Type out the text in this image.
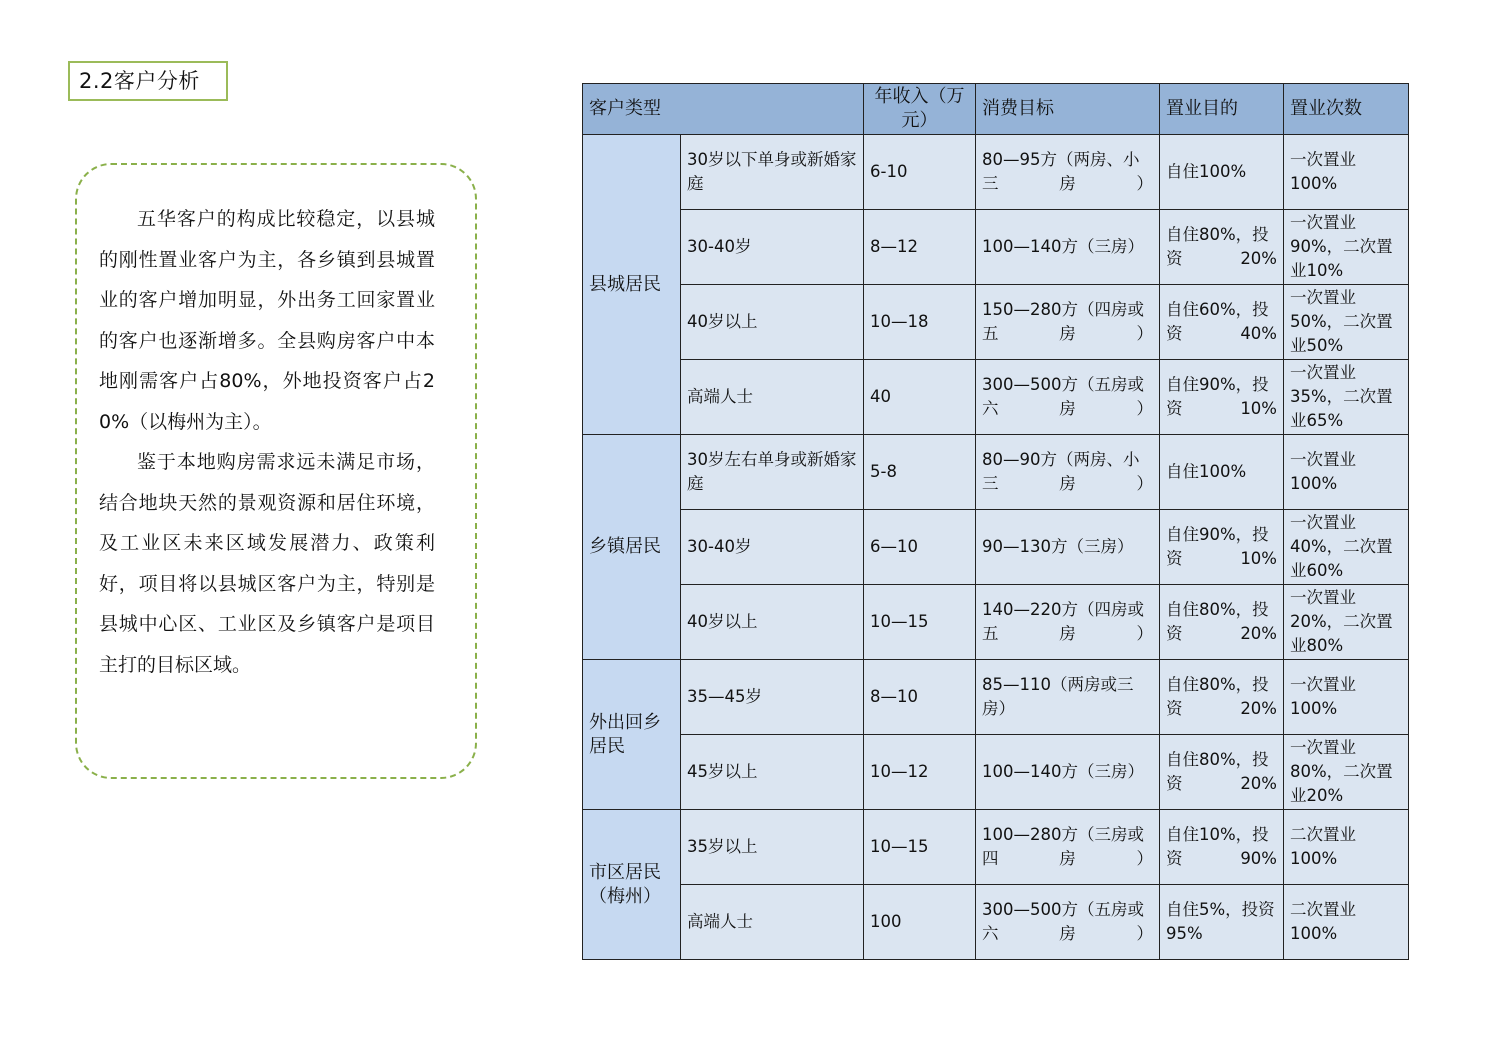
2.2客户分析

五华客户的构成比较稳定，以县城的刚性置业客户为主，各乡镇到县城置业的客户增加明显，外出务工回家置业的客户也逐渐增多。全县购房客户中本地刚需客户占80%，外地投资客户占20%（以梅州为主）。

鉴于本地购房需求远未满足市场，结合地块天然的景观资源和居住环境，及工业区未来区域发展潜力、政策利好，项目将以县城区客户为主，特别是县城中心区、工业区及乡镇客户是项目主打的目标区域。

客户类型		年收入（万元）	消费目标	置业目的	置业次数
县城居民	30岁以下单身或新婚家庭	6-10	80—95方（两房、小三房）	自住100%	一次置业100%
	30-40岁	8—12	100—140方（三房）	自住80%，投资20%	一次置业90%，二次置业10%
	40岁以上	10—18	150—280方（四房或五房）	自住60%，投资40%	一次置业50%，二次置业50%
	高端人士	40	300—500方（五房或六房）	自住90%，投资10%	一次置业35%，二次置业65%
乡镇居民	30岁左右单身或新婚家庭	5-8	80—90方（两房、小三房）	自住100%	一次置业100%
	30-40岁	6—10	90—130方（三房）	自住90%，投资10%	一次置业40%，二次置业60%
	40岁以上	10—15	140—220方（四房或五房）	自住80%，投资20%	一次置业20%，二次置业80%
外出回乡居民	35—45岁	8—10	85—110（两房或三房）	自住80%，投资20%	一次置业100%
	45岁以上	10—12	100—140方（三房）	自住80%，投资20%	一次置业80%，二次置业20%
市区居民（梅州）	35岁以上	10—15	100—280方（三房或四房）	自住10%，投资90%	二次置业100%
	高端人士	100	300—500方（五房或六房）	自住5%，投资95%	二次置业100%
